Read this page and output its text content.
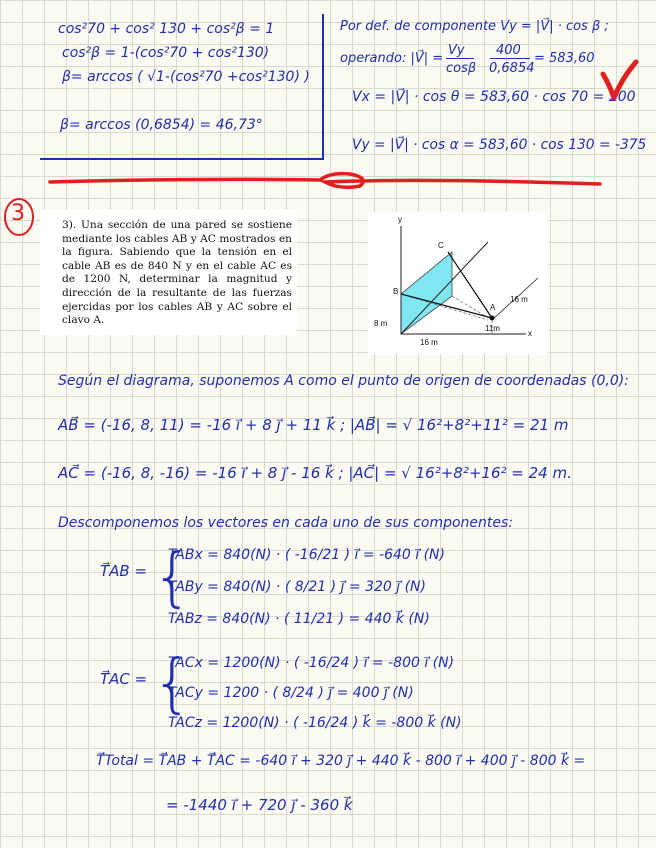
cos²70 + cos² 130 + cos²β = 1
cos²β = 1-(cos²70 + cos²130)
β= arccos ( √1-(cos²70 +cos²130) )
β= arccos (0,6854) = 46,73°
Por def. de componente Vy = |V⃗| · cos β ;
operando: |V⃗| =
Vy
cosβ
400
0,6854
= 583,60
Vx = |V⃗| · cos θ = 583,60 · cos 70 = 200
Vy = |V⃗| · cos α = 583,60 · cos 130 = -375
3	3). Una sección de una pared se sostiene mediante los cables AB y AC mostrados en la figura. Sabiendo que la tensión en el cable AB es de 840 N y en el cable AC es de 1200 N, determinar la magnitud y dirección de la resultante de las fuerzas ejercidas por los cables AB y AC sobre el clavo A.
y
x
C
B
A
16 m
8 m
11m
16 m
Según el diagrama, suponemos A como el punto de origen de coordenadas (0,0):
AB⃗ = (-16, 8, 11) = -16 i⃗ + 8 j⃗ + 11 k⃗ ; |AB⃗| = √ 16²+8²+11² = 21 m
AC⃗ = (-16, 8, -16) = -16 i⃗ + 8 j⃗ - 16 k⃗ ; |AC⃗| = √ 16²+8²+16² = 24 m.
Descomponemos los vectores en cada uno de sus componentes:
T⃗AB = {
TABx = 840(N) · ( -16/21 ) i⃗ = -640 i⃗ (N)
TABy = 840(N) · ( 8/21 ) j⃗ = 320 j⃗ (N)
TABz = 840(N) · ( 11/21 ) = 440 k⃗ (N)
T⃗AC = {
TACx = 1200(N) · ( -16/24 ) i⃗ = -800 i⃗ (N)
TACy = 1200 · ( 8/24 ) j⃗ = 400 j⃗ (N)
TACz = 1200(N) · ( -16/24 ) k⃗ = -800 k⃗ (N)
T⃗Total = T⃗AB + T⃗AC = -640 i⃗ + 320 j⃗ + 440 k⃗ - 800 i⃗ + 400 j⃗ - 800 k⃗ =
= -1440 i⃗ + 720 j⃗ - 360 k⃗
